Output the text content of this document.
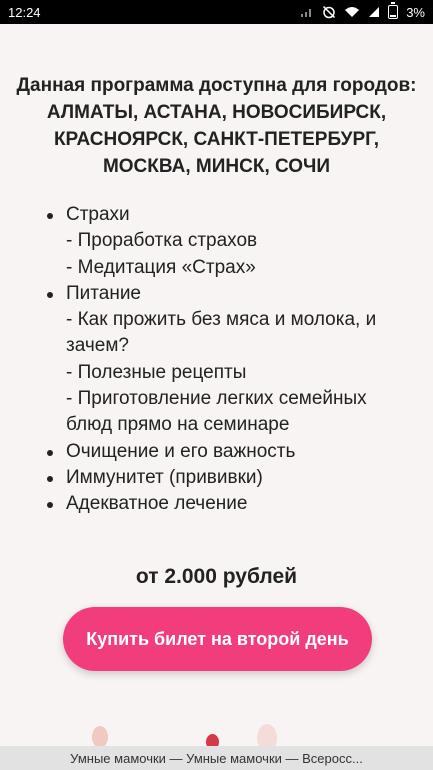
12:24	3%
Данная программа доступна для городов:
АЛМАТЫ, АСТАНА, НОВОСИБИРСК,
КРАСНОЯРСК, САНКТ-ПЕТЕРБУРГ,
МОСКВА, МИНСК, СОЧИ
Страхи
- Проработка страхов
- Медитация «Страх»
Питание
- Как прожить без мяса и молока, и зачем?
- Полезные рецепты
- Приготовление легких семейных блюд прямо на семинаре
Очищение и его важность
Иммунитет (прививки)
Адекватное лечение
от 2.000 рублей
Купить билет на второй день
Умные мамочки — Умные мамочки — Всеросс...
